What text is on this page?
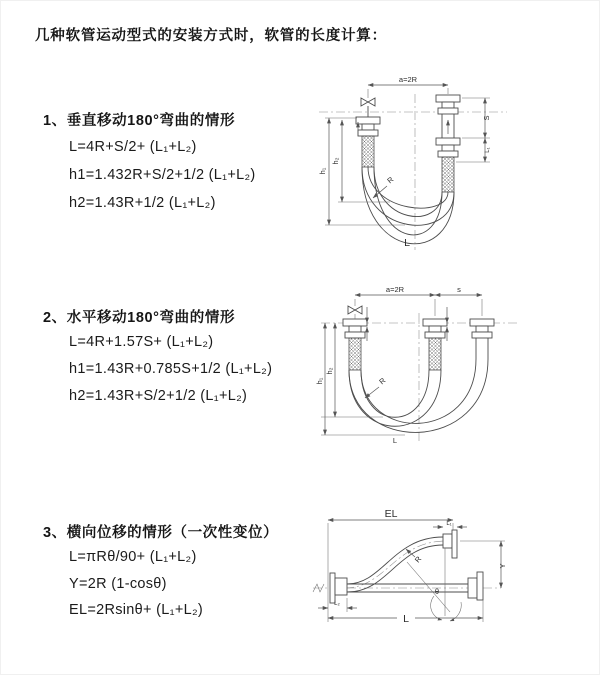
几种软管运动型式的安装方式时，软管的长度计算：
1、垂直移动180°弯曲的情形
L=4R+S/2+ (L₁+L₂)
h1=1.432R+S/2+1/2 (L₁+L₂)
h2=1.43R+1/2 (L₁+L₂)
2、水平移动180°弯曲的情形
L=4R+1.57S+ (L₁+L₂)
h1=1.43R+0.785S+1/2 (L₁+L₂)
h2=1.43R+S/2+1/2 (L₁+L₂)
3、横向位移的情形（一次性变位）
L=πRθ/90+ (L₁+L₂)
Y=2R (1-cosθ)
EL=2Rsinθ+ (L₁+L₂)
a=2R
h₁
h₂
S
L₁
R
L
a=2R	s
h₁
h₂
R
L
EL
L₁
Y
R
θ
L
L₂
